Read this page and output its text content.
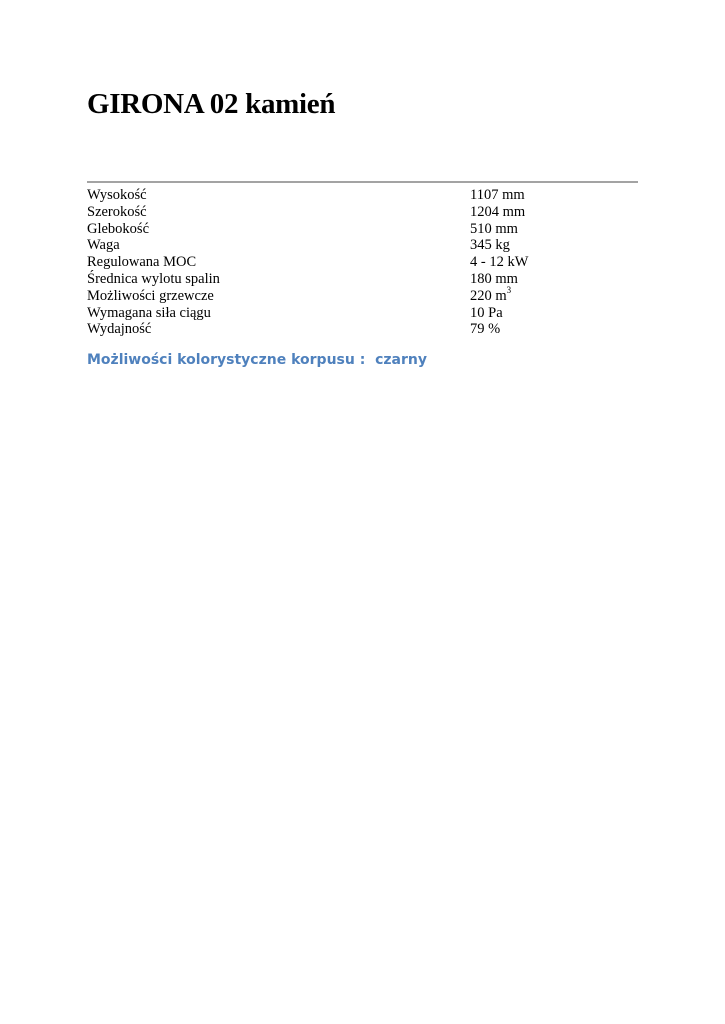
GIRONA 02 kamień
Wysokość	1107 mm
Szerokość	1204 mm
Glebokość	510 mm
Waga	345 kg
Regulowana MOC	4 - 12 kW
Średnica wylotu spalin	180 mm
Możliwości grzewcze	220 $m^3$
Wymagana siła ciągu	10 Pa
Wydajność	79 %

Możliwości kolorystyczne korpusu : czarny
